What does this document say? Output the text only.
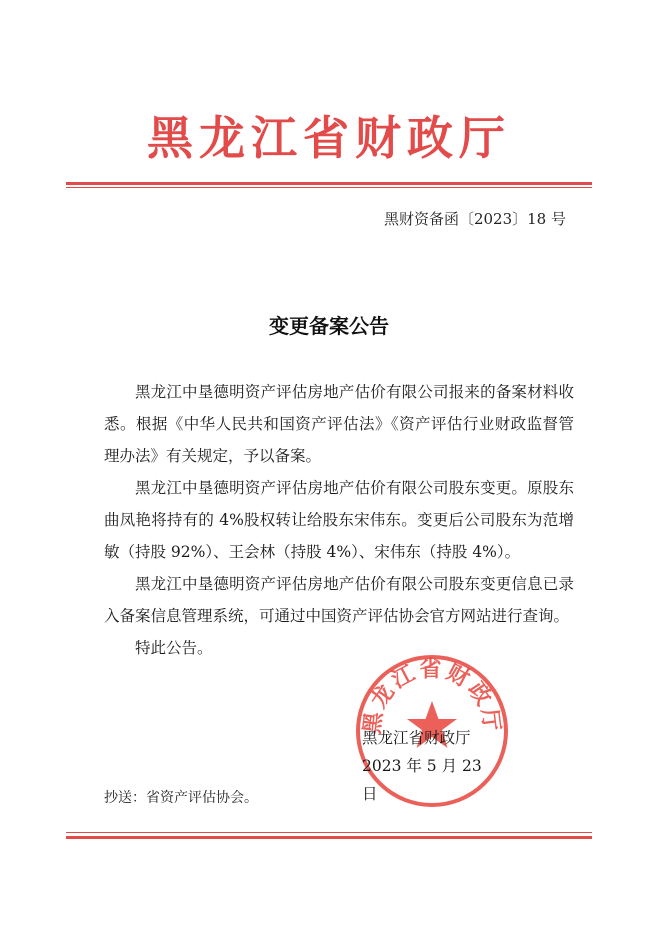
黑龙江省财政厅
黑财资备函〔2023〕18 号
变更备案公告

黑龙江中垦德明资产评估房地产估价有限公司报来的备案材料收悉。根据《中华人民共和国资产评估法》《资产评估行业财政监督管理办法》有关规定，予以备案。

黑龙江中垦德明资产评估房地产估价有限公司股东变更。原股东曲凤艳将持有的 4%股权转让给股东宋伟东。变更后公司股东为范增敏（持股 92%）、王会林（持股 4%）、宋伟东（持股 4%）。

黑龙江中垦德明资产评估房地产估价有限公司股东变更信息已录入备案信息管理系统，可通过中国资产评估协会官方网站进行查询。

特此公告。

黑龙江省财政厅
黑龙江省财政厅
2023 年 5 月 23 日
抄送：省资产评估协会。
